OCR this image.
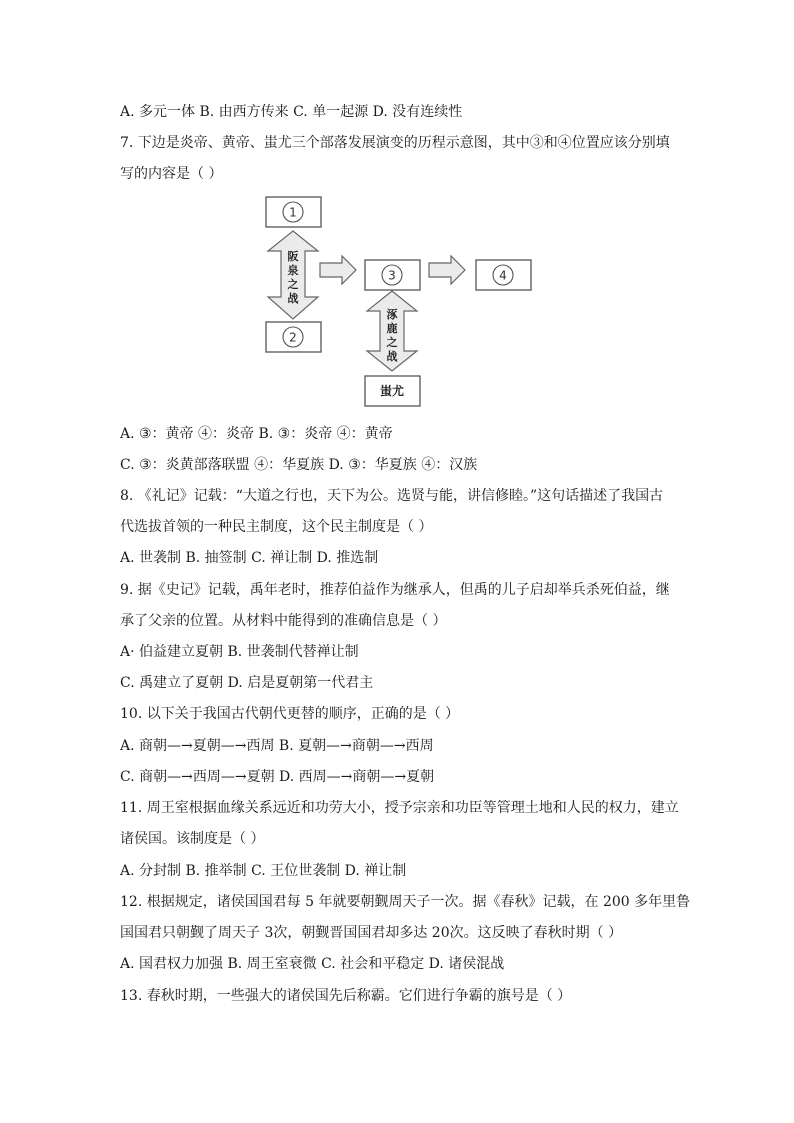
A. 多元一体 B. 由西方传来 C. 单一起源 D. 没有连续性
7. 下边是炎帝、黄帝、蚩尤三个部落发展演变的历程示意图，其中③和④位置应该分别填
写的内容是（ ）
1
2
阪
泉
之
战
3	4
涿
鹿
之
战
蚩尤
A. ③：黄帝 ④：炎帝 B. ③：炎帝 ④：黄帝
C. ③：炎黄部落联盟 ④：华夏族 D. ③：华夏族 ④：汉族
8. 《礼记》记载：“大道之行也，天下为公。选贤与能，讲信修睦。”这句话描述了我国古
代选拔首领的一种民主制度，这个民主制度是（ ）
A. 世袭制 B. 抽签制 C. 禅让制 D. 推选制
9. 据《史记》记载，禹年老时，推荐伯益作为继承人，但禹的儿子启却举兵杀死伯益，继
承了父亲的位置。从材料中能得到的准确信息是（ ）
A· 伯益建立夏朝 B. 世袭制代替禅让制
C. 禹建立了夏朝 D. 启是夏朝第一代君主
10. 以下关于我国古代朝代更替的顺序，正确的是（ ）
A. 商朝—→夏朝—→西周 B. 夏朝—→商朝—→西周
C. 商朝—→西周—→夏朝 D. 西周—→商朝—→夏朝
11. 周王室根据血缘关系远近和功劳大小，授予宗亲和功臣等管理土地和人民的权力，建立
诸侯国。该制度是（ ）
A. 分封制 B. 推举制 C. 王位世袭制 D. 禅让制
12. 根据规定，诸侯国国君每 5 年就要朝觐周天子一次。据《春秋》记载，在 200 多年里鲁
国国君只朝觐了周天子 3次，朝觐晋国国君却多达 20次。这反映了春秋时期（ ）
A. 国君权力加强 B. 周王室衰微 C. 社会和平稳定 D. 诸侯混战
13. 春秋时期，一些强大的诸侯国先后称霸。它们进行争霸的旗号是（ ）
